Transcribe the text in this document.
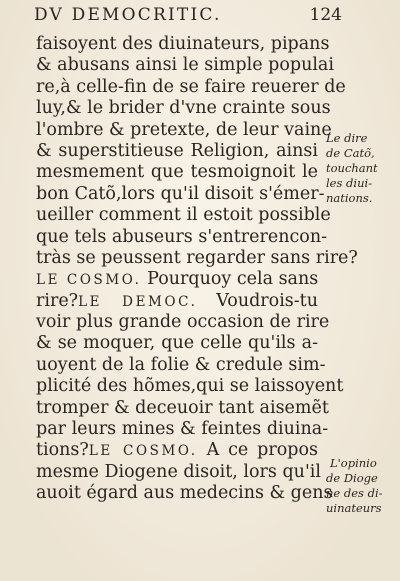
DV DEMOCRITIC.	124
faisoyent des diuinateurs, pipans
& abusans ainsi le simple populai
re,à celle-fin de se faire reuerer de
luy,& le brider d'vne crainte sous
l'ombre & pretexte, de leur vaine
& superstitieuse Religion, ainsi
mesmement que tesmoignoit le
bon Catõ,lors qu'il disoit s'émer-
ueiller comment il estoit possible
que tels abuseurs s'entrerencon-
tràs se peussent regarder sans rire?
LE COSMO. Pourquoy cela sans
rire?LE DEMOC. Voudrois-tu
voir plus grande occasion de rire
& se moquer, que celle qu'ils a-
uoyent de la folie & credule sim-
plicité des hõmes,qui se laissoyent
tromper & deceuoir tant aisemẽt
par leurs mines & feintes diuina-
tions?LE COSMO. A ce propos
mesme Diogene disoit, lors qu'il
auoit égard aus medecins & gens
Le dire
de Catõ,
touchant
les diui-
nations.
L'opinio
de Dioge
ne des di-
uinateurs
